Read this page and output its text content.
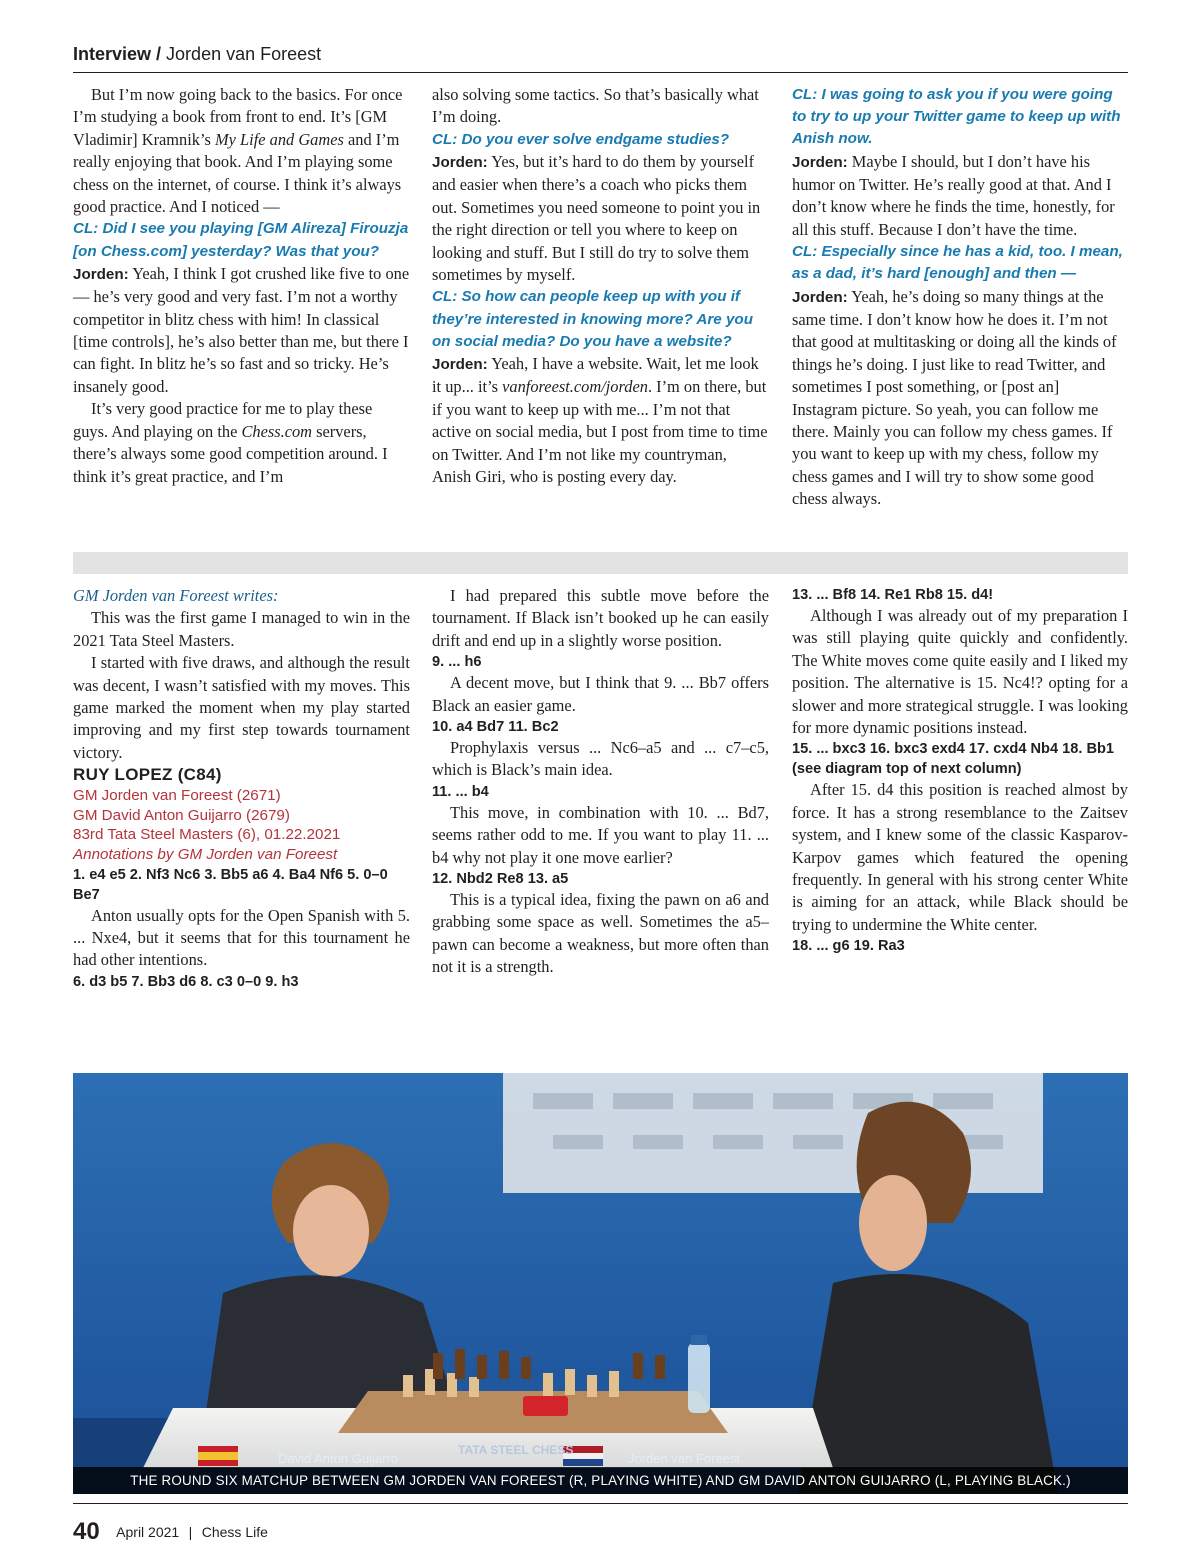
Interview / Jorden van Foreest

But I’m now going back to the basics. For once I’m studying a book from front to end. It’s [GM Vladimir] Kramnik’s My Life and Games and I’m really enjoying that book. And I’m playing some chess on the internet, of course. I think it’s always good practice. And I noticed —

CL: Did I see you playing [GM Alireza] Firouzja [on Chess.com] yesterday? Was that you?

Jorden: Yeah, I think I got crushed like five to one — he’s very good and very fast. I’m not a worthy competitor in blitz chess with him! In classical [time controls], he’s also better than me, but there I can fight. In blitz he’s so fast and so tricky. He’s insanely good.

It’s very good practice for me to play these guys. And playing on the Chess.com servers, there’s always some good competition around. I think it’s great practice, and I’m

also solving some tactics. So that’s basically what I’m doing.

CL: Do you ever solve endgame studies?

Jorden: Yes, but it’s hard to do them by yourself and easier when there’s a coach who picks them out. Sometimes you need someone to point you in the right direction or tell you where to keep on looking and stuff. But I still do try to solve them sometimes by myself.

CL: So how can people keep up with you if they’re interested in knowing more? Are you on social media? Do you have a website?

Jorden: Yeah, I have a website. Wait, let me look it up... it’s vanforeest.com/jorden. I’m on there, but if you want to keep up with me... I’m not that active on social media, but I post from time to time on Twitter. And I’m not like my countryman, Anish Giri, who is posting every day.

CL: I was going to ask you if you were going to try to up your Twitter game to keep up with Anish now.

Jorden: Maybe I should, but I don’t have his humor on Twitter. He’s really good at that. And I don’t know where he finds the time, honestly, for all this stuff. Because I don’t have the time.

CL: Especially since he has a kid, too. I mean, as a dad, it’s hard [enough] and then —

Jorden: Yeah, he’s doing so many things at the same time. I don’t know how he does it. I’m not that good at multitasking or doing all the kinds of things he’s doing. I just like to read Twitter, and sometimes I post something, or [post an] Instagram picture. So yeah, you can follow me there. Mainly you can follow my chess games. If you want to keep up with my chess, follow my chess games and I will try to show some good chess always.

GM Jorden van Foreest writes:

This was the first game I managed to win in the 2021 Tata Steel Masters.

I started with five draws, and although the result was decent, I wasn’t satisfied with my moves. This game marked the moment when my play started improving and my first step towards tournament victory.

RUY LOPEZ (C84)

GM Jorden van Foreest (2671)

GM David Anton Guijarro (2679)

83rd Tata Steel Masters (6), 01.22.2021

Annotations by GM Jorden van Foreest

1. e4 e5 2. Nf3 Nc6 3. Bb5 a6 4. Ba4 Nf6 5. 0–0 Be7

Anton usually opts for the Open Spanish with 5. ... Nxe4, but it seems that for this tournament he had other intentions.

6. d3 b5 7. Bb3 d6 8. c3 0–0 9. h3

I had prepared this subtle move before the tournament. If Black isn’t booked up he can easily drift and end up in a slightly worse position.

9. ... h6

A decent move, but I think that 9. ... Bb7 offers Black an easier game.

10. a4 Bd7 11. Bc2

Prophylaxis versus ... Nc6–a5 and ... c7–c5, which is Black’s main idea.

11. ... b4

This move, in combination with 10. ... Bd7, seems rather odd to me. If you want to play 11. ... b4 why not play it one move earlier?

12. Nbd2 Re8 13. a5

This is a typical idea, fixing the pawn on a6 and grabbing some space as well. Sometimes the a5–pawn can become a weakness, but more often than not it is a strength.

13. ... Bf8 14. Re1 Rb8 15. d4!

Although I was already out of my preparation I was still playing quite quickly and confidently. The White moves come quite easily and I liked my position. The alternative is 15. Nc4!? opting for a slower and more strategical struggle. I was looking for more dynamic positions instead.

15. ... bxc3 16. bxc3 exd4 17. cxd4 Nb4 18. Bb1

(see diagram top of next column)

After 15. d4 this position is reached almost by force. It has a strong resemblance to the Zaitsev system, and I knew some of the classic Kasparov-Karpov games which featured the opening frequently. In general with his strong center White is aiming for an attack, while Black should be trying to undermine the White center.

18. ... g6 19. Ra3

David Anton Guijarro
TATA STEEL CHESS
Jorden van Foreest
THE ROUND SIX MATCHUP BETWEEN GM JORDEN VAN FOREEST (R, PLAYING WHITE) AND GM DAVID ANTON GUIJARRO (L, PLAYING BLACK.)
40 April 2021 | Chess Life
